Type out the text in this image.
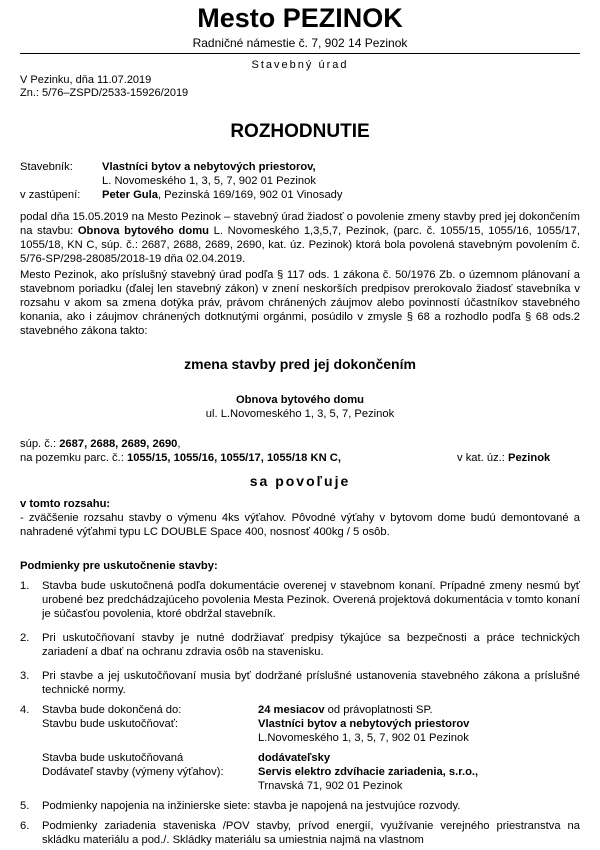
Mesto PEZINOK
Radničné námestie č. 7, 902 14 Pezinok
Stavebný úrad
V Pezinku, dňa 11.07.2019
Zn.: 5/76–ZSPD/2533-15926/2019
ROZHODNUTIE
Stavebník:	Vlastníci bytov a nebytových priestorov,
L. Novomeského 1, 3, 5, 7, 902 01 Pezinok
v zastúpení:	Peter Gula, Pezinská 169/169, 902 01 Vinosady
podal dňa 15.05.2019 na Mesto Pezinok – stavebný úrad žiadosť o povolenie zmeny stavby pred jej dokončením na stavbu: Obnova bytového domu L. Novomeského 1,3,5,7, Pezinok, (parc. č. 1055/15, 1055/16, 1055/17, 1055/18, KN C, súp. č.: 2687, 2688, 2689, 2690, kat. úz. Pezinok) ktorá bola povolená stavebným povolením č. 5/76-SP/298-28085/2018-19 dňa 02.04.2019.
Mesto Pezinok, ako príslušný stavebný úrad podľa § 117 ods. 1 zákona č. 50/1976 Zb. o územnom plánovaní a stavebnom poriadku (ďalej len stavebný zákon) v znení neskorších predpisov prerokovalo žiadosť stavebníka v rozsahu v akom sa zmena dotýka práv, právom chránených záujmov alebo povinností účastníkov stavebného konania, ako i záujmov chránených dotknutými orgánmi, posúdilo v zmysle § 68 a rozhodlo podľa § 68 ods.2 stavebného zákona takto:
zmena stavby pred jej dokončením
Obnova bytového domu
ul. L.Novomeského 1, 3, 5, 7, Pezinok
súp. č.: 2687, 2688, 2689, 2690,
na pozemku parc. č.: 1055/15, 1055/16, 1055/17, 1055/18 KN C,	v kat. úz.: Pezinok
sa povoľuje
v tomto rozsahu:
- zväčšenie rozsahu stavby o výmenu 4ks výťahov. Pôvodné výťahy v bytovom dome budú demontované a nahradené výťahmi typu LC DOUBLE Space 400, nosnosť 400kg / 5 osôb.
Podmienky pre uskutočnenie stavby:
1.	Stavba bude uskutočnená podľa dokumentácie overenej v stavebnom konaní. Prípadné zmeny nesmú byť urobené bez predchádzajúceho povolenia Mesta Pezinok. Overená projektová dokumentácia v tomto konaní je súčasťou povolenia, ktoré obdržal stavebník.
2.	Pri uskutočňovaní stavby je nutné dodržiavať predpisy týkajúce sa bezpečnosti a práce technických zariadení a dbať na ochranu zdravia osôb na stavenisku.
3.	Pri stavbe a jej uskutočňovaní musia byť dodržané príslušné ustanovenia stavebného zákona a príslušné technické normy.
4.	Stavba bude dokončená do:	24 mesiacov od právoplatnosti SP.
Stavbu bude uskutočňovať:	Vlastníci bytov a nebytových priestorov
L.Novomeského 1, 3, 5, 7, 902 01 Pezinok
Stavba bude uskutočňovaná	dodávateľsky
Dodávateľ stavby (výmeny výťahov):	Servis elektro zdvíhacie zariadenia, s.r.o.,
Trnavská 71, 902 01 Pezinok
5.	Podmienky napojenia na inžinierske siete: stavba je napojená na jestvujúce rozvody.
6.	Podmienky zariadenia staveniska /POV stavby, prívod energií, využívanie verejného priestranstva na skládku materiálu a pod./. Skládky materiálu sa umiestnia najmä na vlastnom
